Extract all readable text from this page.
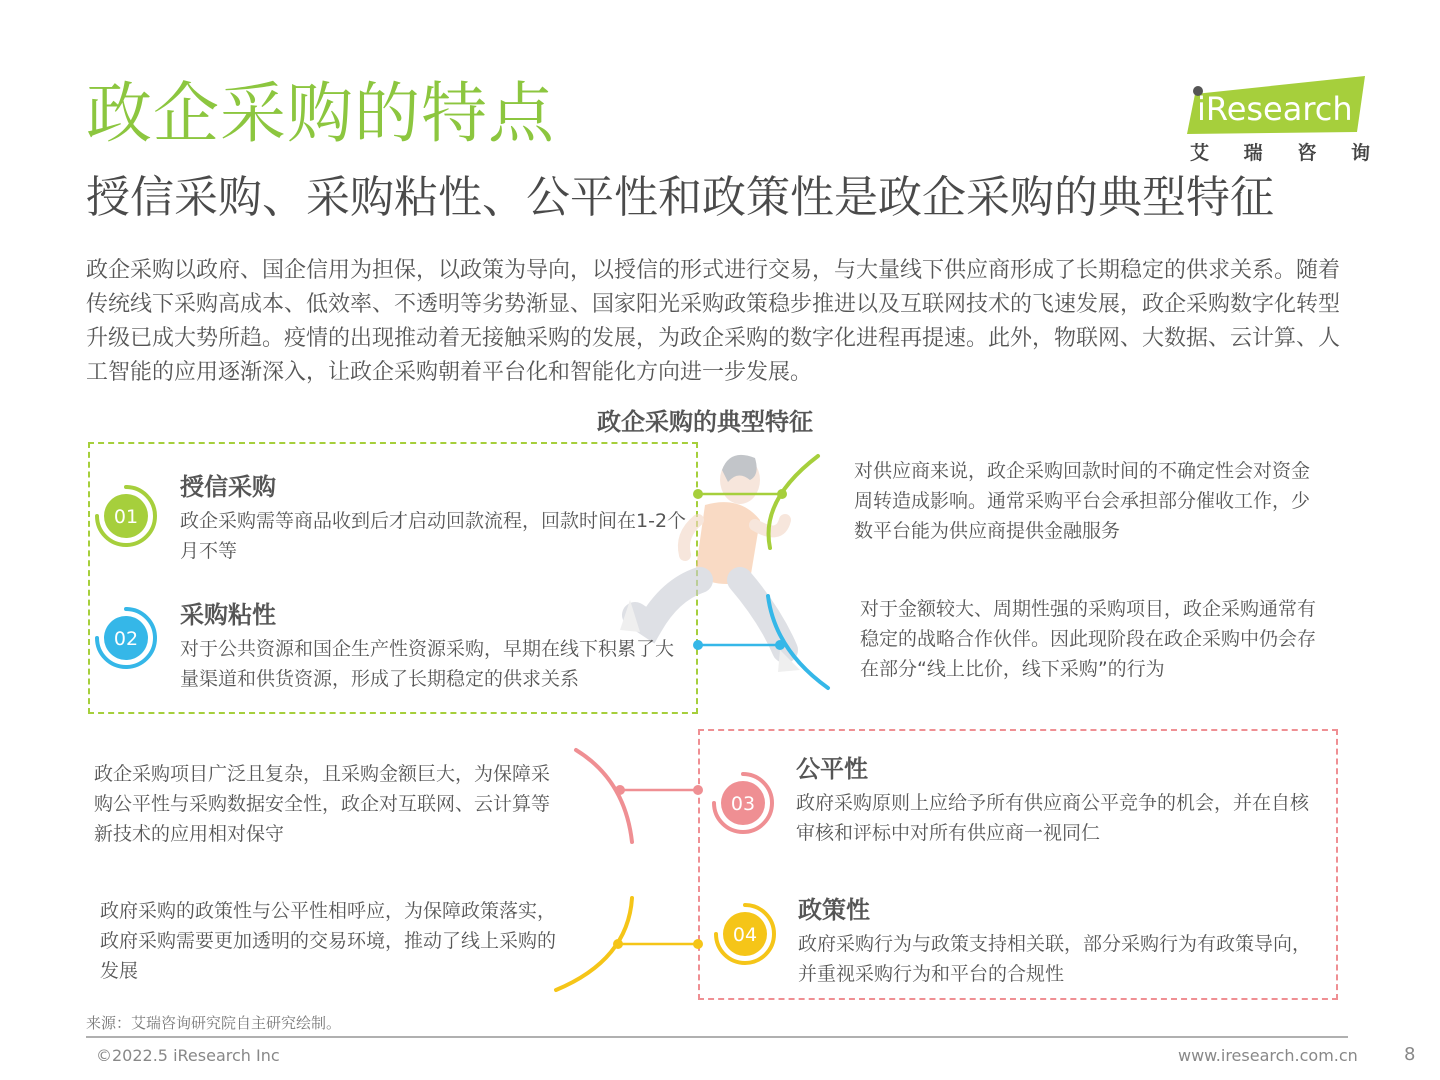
政企采购的特点	iResearch
艾 瑞 咨 询
授信采购、采购粘性、公平性和政策性是政企采购的典型特征
政企采购以政府、国企信用为担保，以政策为导向，以授信的形式进行交易，与大量线下供应商形成了长期稳定的供求关系。随着传统线下采购高成本、低效率、不透明等劣势渐显、国家阳光采购政策稳步推进以及互联网技术的飞速发展，政企采购数字化转型升级已成大势所趋。疫情的出现推动着无接触采购的发展，为政企采购的数字化进程再提速。此外，物联网、大数据、云计算、人工智能的应用逐渐深入，让政企采购朝着平台化和智能化方向进一步发展。
政企采购的典型特征
01
02
03
04
授信采购
政企采购需等商品收到后才启动回款流程，回款时间在1-2个月不等
采购粘性
对于公共资源和国企生产性资源采购，早期在线下积累了大量渠道和供货资源，形成了长期稳定的供求关系
公平性
政府采购原则上应给予所有供应商公平竞争的机会，并在自核审核和评标中对所有供应商一视同仁
政策性
政府采购行为与政策支持相关联，部分采购行为有政策导向，并重视采购行为和平台的合规性
对供应商来说，政企采购回款时间的不确定性会对资金周转造成影响。通常采购平台会承担部分催收工作，少数平台能为供应商提供金融服务
对于金额较大、周期性强的采购项目，政企采购通常有稳定的战略合作伙伴。因此现阶段在政企采购中仍会存在部分“线上比价，线下采购”的行为
政企采购项目广泛且复杂，且采购金额巨大，为保障采购公平性与采购数据安全性，政企对互联网、云计算等新技术的应用相对保守
政府采购的政策性与公平性相呼应，为保障政策落实，政府采购需要更加透明的交易环境，推动了线上采购的发展
来源：艾瑞咨询研究院自主研究绘制。
©2022.5 iResearch Inc	www.iresearch.com.cn	8
